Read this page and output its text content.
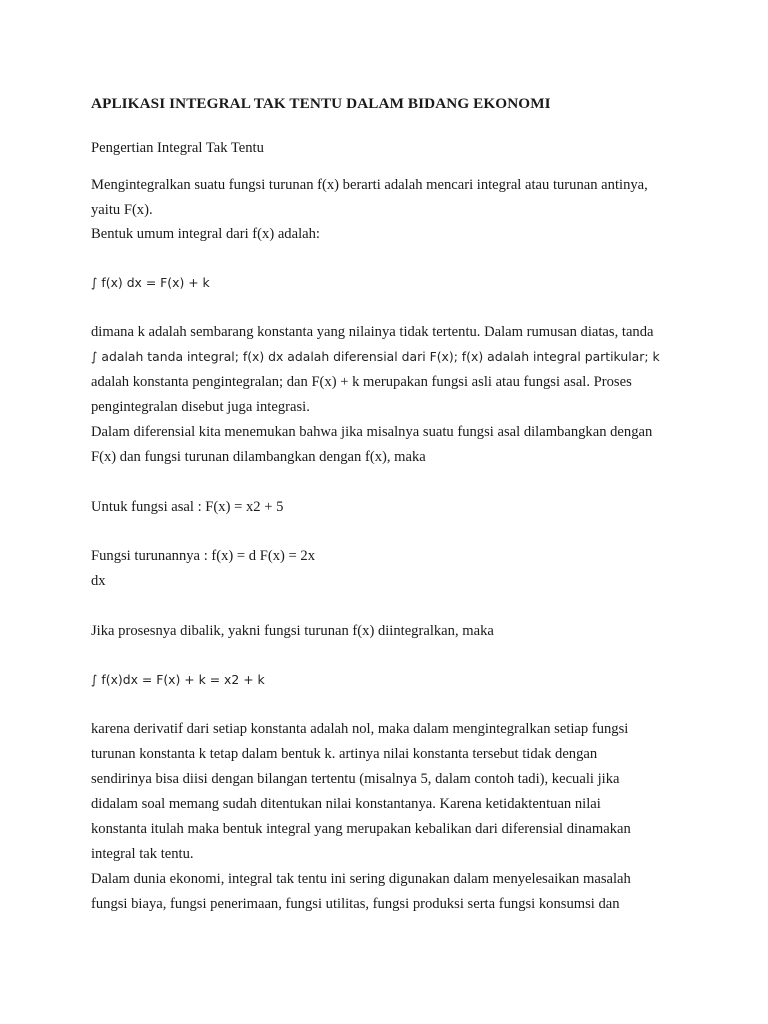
APLIKASI INTEGRAL TAK TENTU DALAM BIDANG EKONOMI
Pengertian Integral Tak Tentu
Mengintegralkan suatu fungsi turunan f(x) berarti adalah mencari integral atau turunan antinya,
yaitu F(x).
Bentuk umum integral dari f(x) adalah:
∫ f(x) dx = F(x) + k
dimana k adalah sembarang konstanta yang nilainya tidak tertentu. Dalam rumusan diatas, tanda
∫ adalah tanda integral; f(x) dx adalah diferensial dari F(x); f(x) adalah integral partikular; k
adalah konstanta pengintegralan; dan F(x) + k merupakan fungsi asli atau fungsi asal. Proses
pengintegralan disebut juga integrasi.
Dalam diferensial kita menemukan bahwa jika misalnya suatu fungsi asal dilambangkan dengan
F(x) dan fungsi turunan dilambangkan dengan f(x), maka
Untuk fungsi asal : F(x) = x2 + 5
Fungsi turunannya : f(x) = d F(x) = 2x
dx
Jika prosesnya dibalik, yakni fungsi turunan f(x) diintegralkan, maka
∫ f(x)dx = F(x) + k = x2 + k
karena derivatif dari setiap konstanta adalah nol, maka dalam mengintegralkan setiap fungsi
turunan konstanta k tetap dalam bentuk k. artinya nilai konstanta tersebut tidak dengan
sendirinya bisa diisi dengan bilangan tertentu (misalnya 5, dalam contoh tadi), kecuali jika
didalam soal memang sudah ditentukan nilai konstantanya. Karena ketidaktentuan nilai
konstanta itulah maka bentuk integral yang merupakan kebalikan dari diferensial dinamakan
integral tak tentu.
Dalam dunia ekonomi, integral tak tentu ini sering digunakan dalam menyelesaikan masalah
fungsi biaya, fungsi penerimaan, fungsi utilitas, fungsi produksi serta fungsi konsumsi dan
